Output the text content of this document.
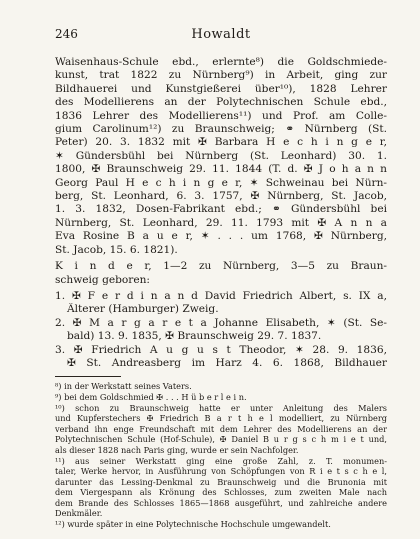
246	Howaldt
Waisenhaus-Schule ebd., erlernte⁸) die Goldschmiede-
kunst, trat 1822 zu Nürnberg⁹) in Arbeit, ging zur
Bildhauerei und Kunstgießerei über¹⁰), 1828 Lehrer
des Modellierens an der Polytechnischen Schule ebd.,
1836 Lehrer des Modellierens¹¹) und Prof. am Colle-
gium Carolinum¹²) zu Braunschweig; ⚭ Nürnberg (St.
Peter) 20. 3. 1832 mit ✠ Barbara H e c h i n g e r,
✶ Gündersbühl bei Nürnberg (St. Leonhard) 30. 1.
1800, ✠ Braunschweig 29. 11. 1844 (T. d. ✠ J o h a n n
Georg Paul H e c h i n g e r, ✶ Schweinau bei Nürn-
berg, St. Leonhard, 6. 3. 1757, ✠ Nürnberg, St. Jacob,
1. 3. 1832, Dosen-Fabrikant ebd.; ⚭ Gündersbühl bei
Nürnberg, St. Leonhard, 29. 11. 1793 mit ✠ A n n a
Eva Rosine B a u e r, ✶ . . . um 1768, ✠ Nürnberg,
St. Jacob, 15. 6. 1821).
K i n d e r, 1—2 zu Nürnberg, 3—5 zu Braun-
schweig geboren:
1. ✠ F e r d i n a n d David Friedrich Albert, s. IX a,
Älterer (Hamburger) Zweig.
2. ✠ M a r g a r e t a Johanne Elisabeth, ✶ (St. Se-
bald) 13. 9. 1835, ✠ Braunschweig 29. 7. 1837.
3. ✠ Friedrich A u g u s t Theodor, ✶ 28. 9. 1836,
✠ St. Andreasberg im Harz 4. 6. 1868, Bildhauer
⁸) in der Werkstatt seines Vaters.
⁹) bei dem Goldschmied ✠ . . . H ü b e r l e i n.
¹⁰) schon zu Braunschweig hatte er unter Anleitung des Malers
und Kupferstechers ✠ Friedrich B a r t h e l modelliert, zu Nürnberg
verband ihn enge Freundschaft mit dem Lehrer des Modellierens an der
Polytechnischen Schule (Hof-Schule), ✠ Daniel B u r g s c h m i e t und,
als dieser 1828 nach Paris ging, wurde er sein Nachfolger.
¹¹) aus seiner Werkstatt ging eine große Zahl, z. T. monumen-
taler, Werke hervor, in Ausführung von Schöpfungen von R i e t s c h e l,
darunter das Lessing-Denkmal zu Braunschweig und die Brunonia mit
dem Viergespann als Krönung des Schlosses, zum zweiten Male nach
dem Brande des Schlosses 1865—1868 ausgeführt, und zahlreiche andere
Denkmäler.
¹²) wurde später in eine Polytechnische Hochschule umgewandelt.
